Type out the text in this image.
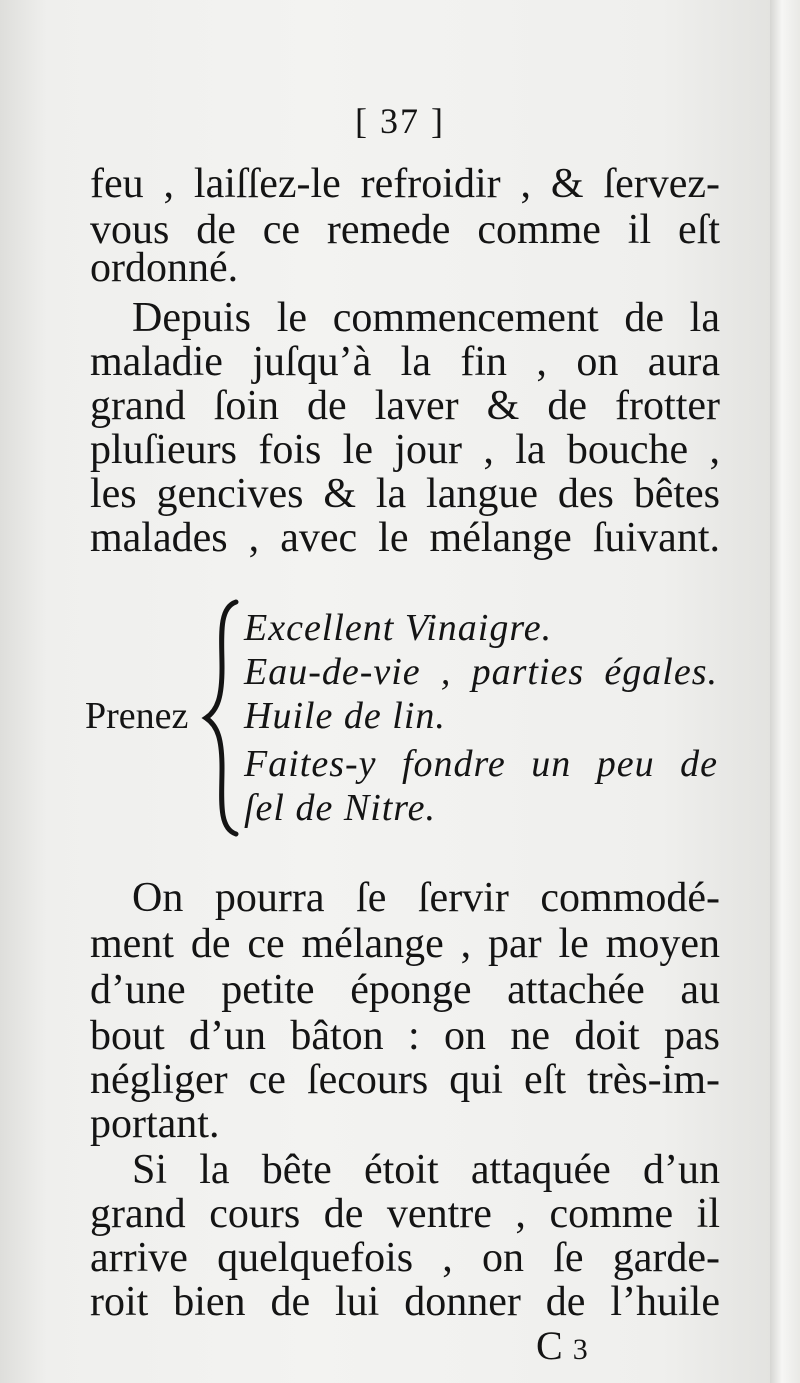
[ 37 ]
feu , laiſſez-le refroidir , & ſervez-
vous de ce remede comme il eſt
ordonné.
Depuis le commencement de la
maladie juſqu’à la fin , on aura
grand ſoin de laver & de frotter
pluſieurs fois le jour , la bouche ,
les gencives & la langue des bêtes
malades , avec le mélange ſuivant.
Prenez
Excellent Vinaigre.
Eau-de-vie , parties égales.
Huile de lin.
Faites-y fondre un peu de
ſel de Nitre.
On pourra ſe ſervir commodé-
ment de ce mélange , par le moyen
d’une petite éponge attachée au
bout d’un bâton : on ne doit pas
négliger ce ſecours qui eſt très-im-
portant.
Si la bête étoit attaquée d’un
grand cours de ventre , comme il
arrive quelquefois , on ſe garde-
roit bien de lui donner de l’huile
C 3
